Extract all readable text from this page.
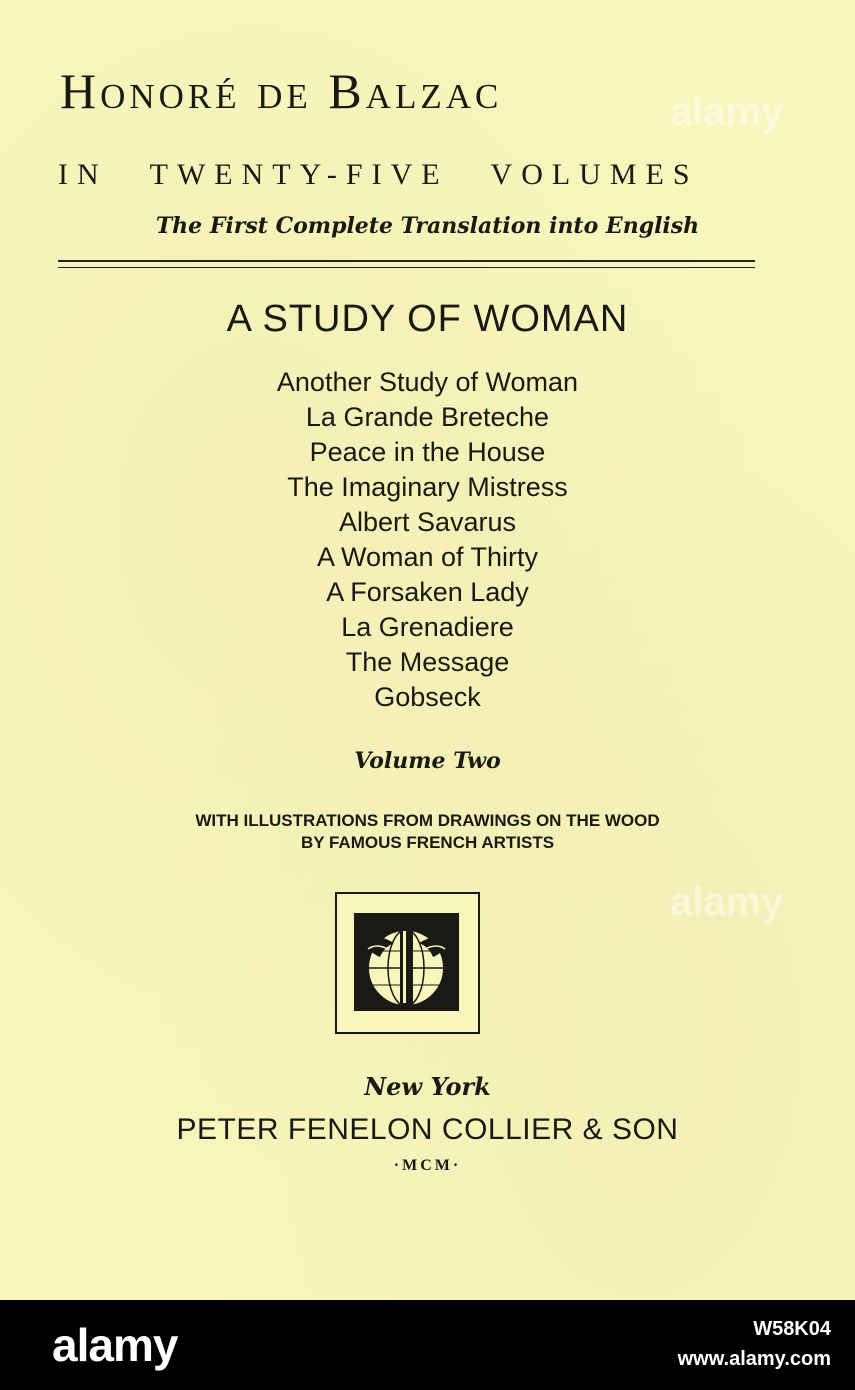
Honoré de Balzac
IN TWENTY-FIVE VOLUMES
The First Complete Translation into English
A STUDY OF WOMAN
Another Study of Woman
La Grande Breteche
Peace in the House
The Imaginary Mistress
Albert Savarus
A Woman of Thirty
A Forsaken Lady
La Grenadiere
The Message
Gobseck
Volume Two
WITH ILLUSTRATIONS FROM DRAWINGS ON THE WOOD
BY FAMOUS FRENCH ARTISTS
New York
PETER FENELON COLLIER & SON
·MCM·
alamy
alamy
alamy	W58K04
www.alamy.com
